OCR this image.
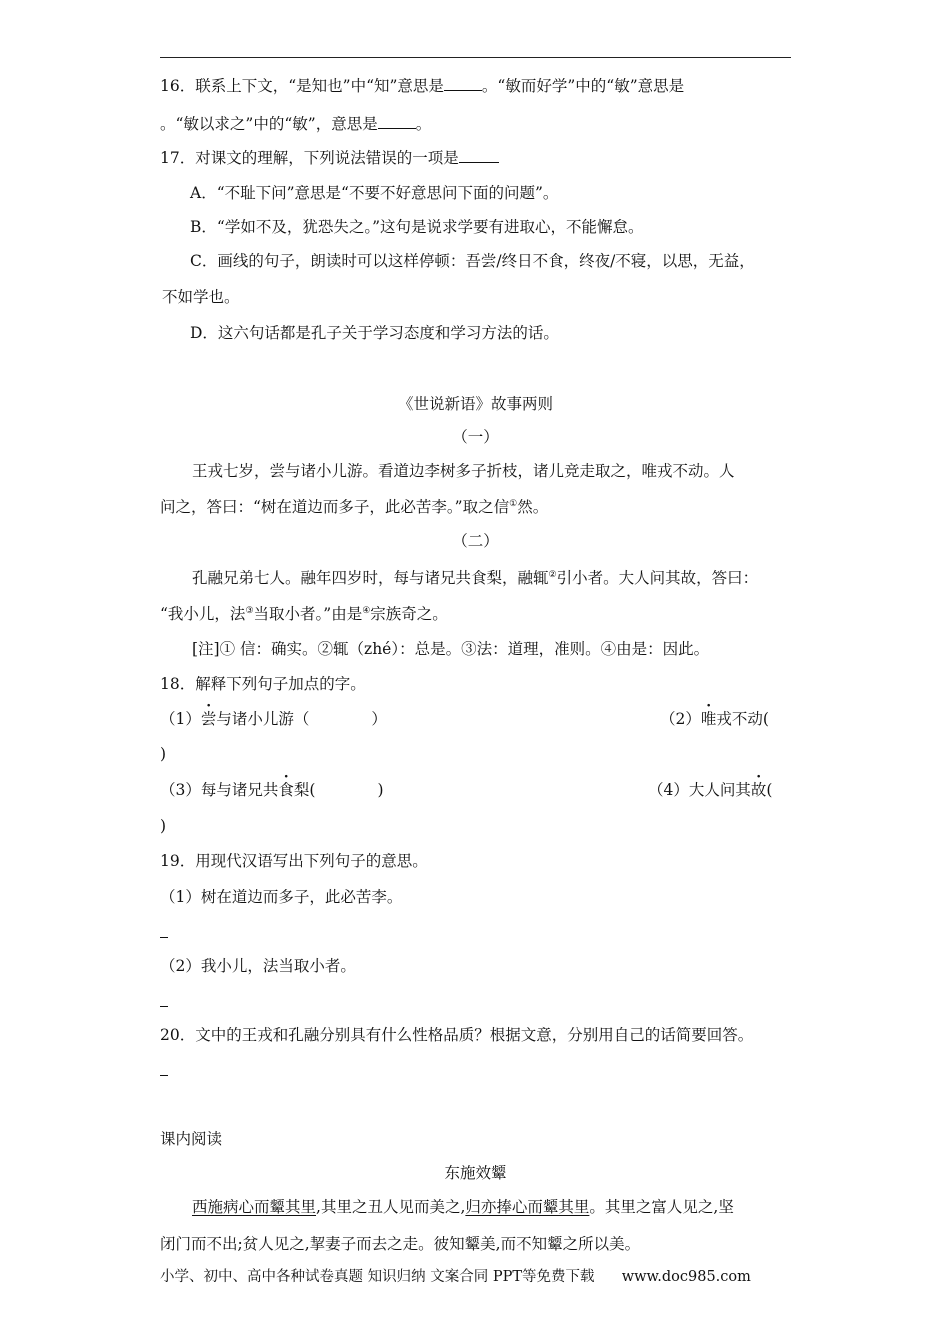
16．联系上下文，“是知也”中“知”意思是 。“敏而好学”中的“敏”意思是
。“敏以求之”中的“敏”，意思是 。
17．对课文的理解，下列说法错误的一项是
A．“不耻下问”意思是“不要不好意思问下面的问题”。
B．“学如不及，犹恐失之。”这句是说求学要有进取心，不能懈怠。
C．画线的句子，朗读时可以这样停顿：吾尝/终日不食，终夜/不寝，以思，无益，
不如学也。
D．这六句话都是孔子关于学习态度和学习方法的话。
《世说新语》故事两则
（一）
王戎七岁，尝与诸小儿游。看道边李树多子折枝，诸儿竞走取之，唯戎不动。人
问之，答曰：“树在道边而多子，此必苦李。”取之信①然。
（二）
孔融兄弟七人。融年四岁时，每与诸兄共食梨，融辄②引小者。大人问其故，答曰：
“我小儿，法③当取小者。”由是④宗族奇之。
[注]① 信：确实。②辄（zhé）：总是。③法：道理，准则。④由是：因此。
18．解释下列句子加点的字。
（1）尝与诸小儿游（　　　　）	（2）唯戎不动(
)
（3）每与诸兄共食梨(　　　　)	（4）大人问其故(
)
19．用现代汉语写出下列句子的意思。
（1）树在道边而多子，此必苦李。
（2）我小儿，法当取小者。
20．文中的王戎和孔融分别具有什么性格品质？根据文意，分别用自己的话简要回答。
课内阅读
东施效颦
西施病心而颦其里,其里之丑人见而美之,归亦捧心而颦其里。其里之富人见之,坚
闭门而不出;贫人见之,挈妻子而去之走。彼知颦美,而不知颦之所以美。
小学、初中、高中各种试卷真题 知识归纳 文案合同 PPT等免费下载 www.doc985.com
